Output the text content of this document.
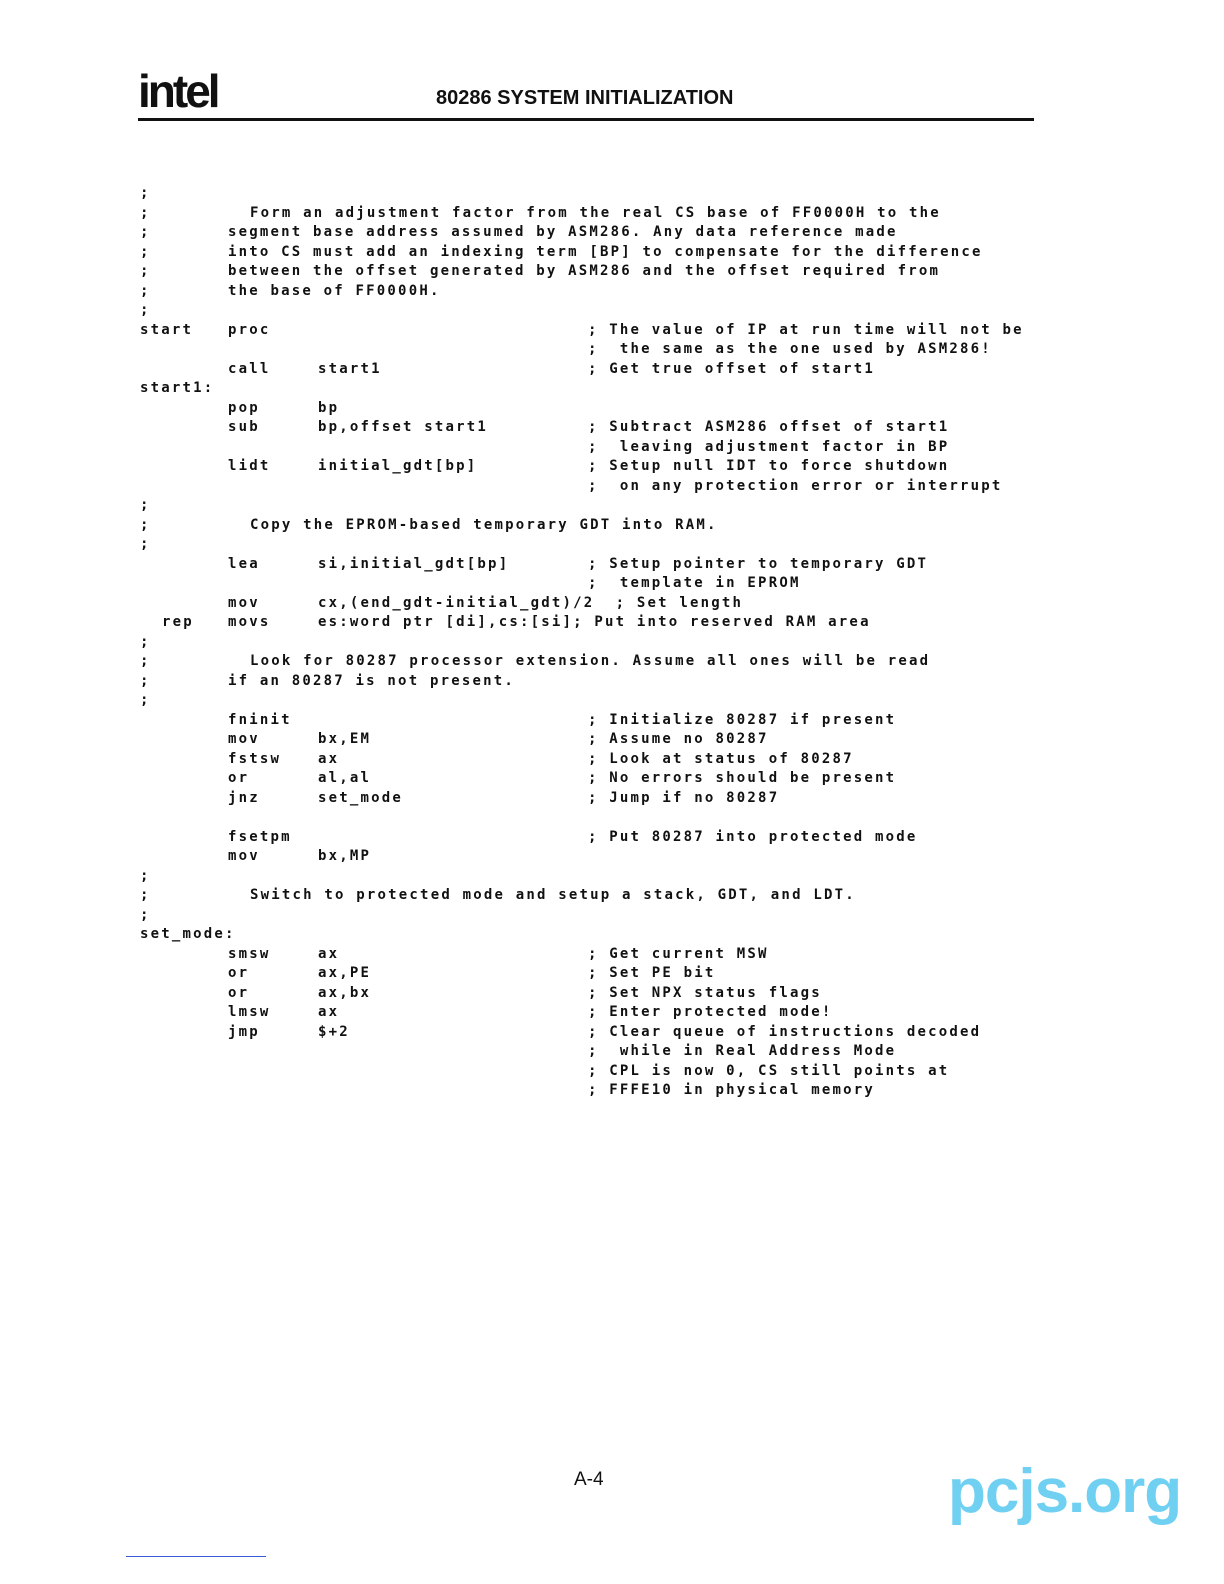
intel	80286 SYSTEM INITIALIZATION
;
;	Form an adjustment factor from the real CS base of FF0000H to the
;	segment base address assumed by ASM286. Any data reference made
;	into CS must add an indexing term [BP] to compensate for the difference
;	between the offset generated by ASM286 and the offset required from
;	the base of FF0000H.
;
start proc	; The value of IP at run time will not be
;  the same as the one used by ASM286!
call	start1	; Get true offset of start1
start1:
pop	bp
sub	bp,offset start1	; Subtract ASM286 offset of start1
;  leaving adjustment factor in BP
lidt	initial_gdt[bp]	; Setup null IDT to force shutdown
;  on any protection error or interrupt
;
;	Copy the EPROM-based temporary GDT into RAM.
;
lea	si,initial_gdt[bp]	; Setup pointer to temporary GDT
;  template in EPROM
mov	cx,(end_gdt-initial_gdt)/2  ; Set length
rep movs	es:word ptr [di],cs:[si]; Put into reserved RAM area
;
;	Look for 80287 processor extension. Assume all ones will be read
;	if an 80287 is not present.
;
fninit	; Initialize 80287 if present
mov	bx,EM	; Assume no 80287
fstsw	ax	; Look at status of 80287
or	al,al	; No errors should be present
jnz	set_mode	; Jump if no 80287
fsetpm	; Put 80287 into protected mode
mov	bx,MP
;
;	Switch to protected mode and setup a stack, GDT, and LDT.
;
set_mode:
smsw	ax	; Get current MSW
or	ax,PE	; Set PE bit
or	ax,bx	; Set NPX status flags
lmsw	ax	; Enter protected mode!
jmp	$+2	; Clear queue of instructions decoded
;  while in Real Address Mode
; CPL is now 0, CS still points at
; FFFE10 in physical memory
A-4	pcjs.org
